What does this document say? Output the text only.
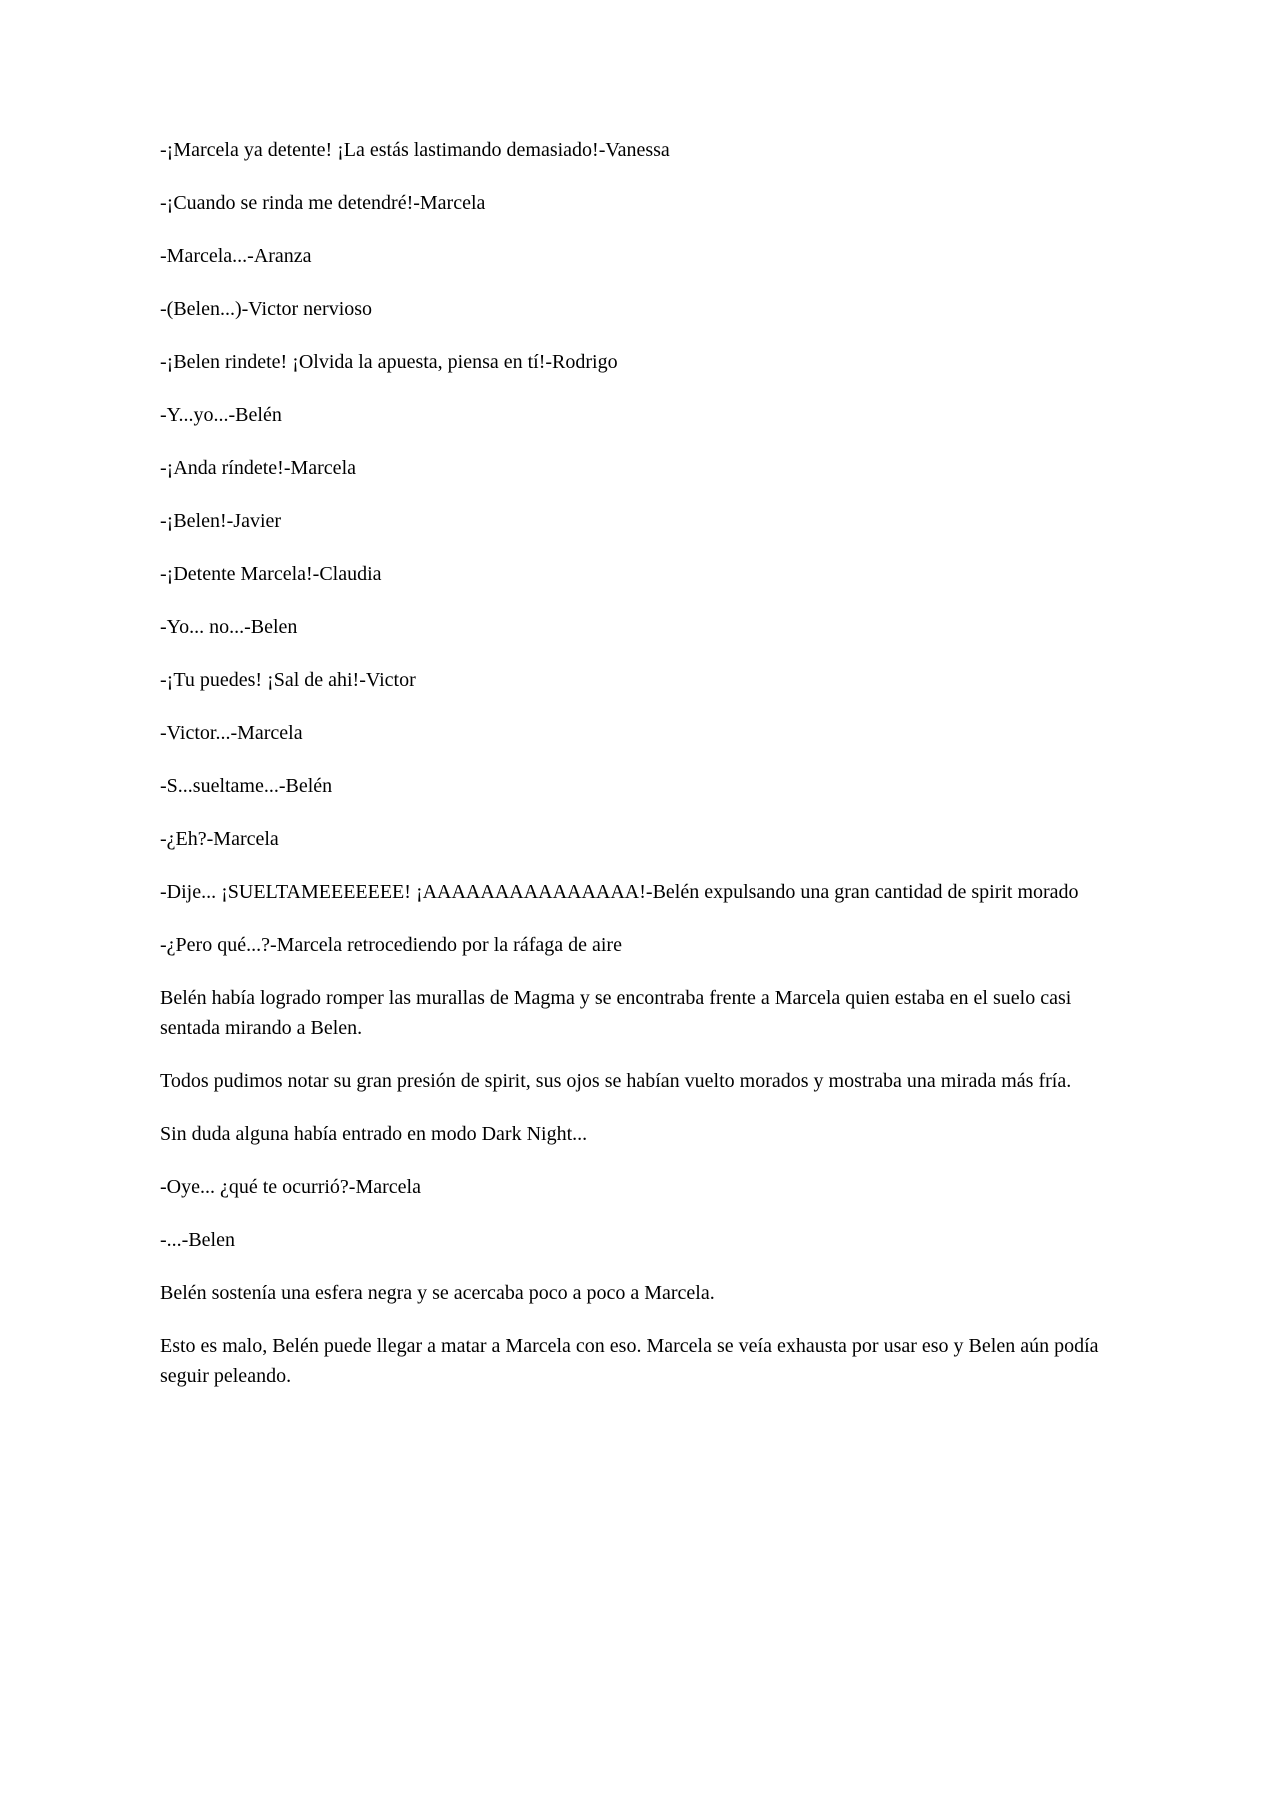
-¡Marcela ya detente! ¡La estás lastimando demasiado!-Vanessa

-¡Cuando se rinda me detendré!-Marcela

-Marcela...-Aranza

-(Belen...)-Victor nervioso

-¡Belen rindete! ¡Olvida la apuesta, piensa en tí!-Rodrigo

-Y...yo...-Belén

-¡Anda ríndete!-Marcela

-¡Belen!-Javier

-¡Detente Marcela!-Claudia

-Yo... no...-Belen

-¡Tu puedes! ¡Sal de ahi!-Victor

-Victor...-Marcela

-S...sueltame...-Belén

-¿Eh?-Marcela

-Dije... ¡SUELTAMEEEEEEE! ¡AAAAAAAAAAAAAAA!-Belén expulsando una gran cantidad de spirit morado

-¿Pero qué...?-Marcela retrocediendo por la ráfaga de aire

Belén había logrado romper las murallas de Magma y se encontraba frente a Marcela quien estaba en el suelo casi sentada mirando a Belen.

Todos pudimos notar su gran presión de spirit, sus ojos se habían vuelto morados y mostraba una mirada más fría.

Sin duda alguna había entrado en modo Dark Night...

-Oye... ¿qué te ocurrió?-Marcela

-...-Belen

Belén sostenía una esfera negra y se acercaba poco a poco a Marcela.

Esto es malo, Belén puede llegar a matar a Marcela con eso. Marcela se veía exhausta por usar eso y Belen aún podía seguir peleando.
